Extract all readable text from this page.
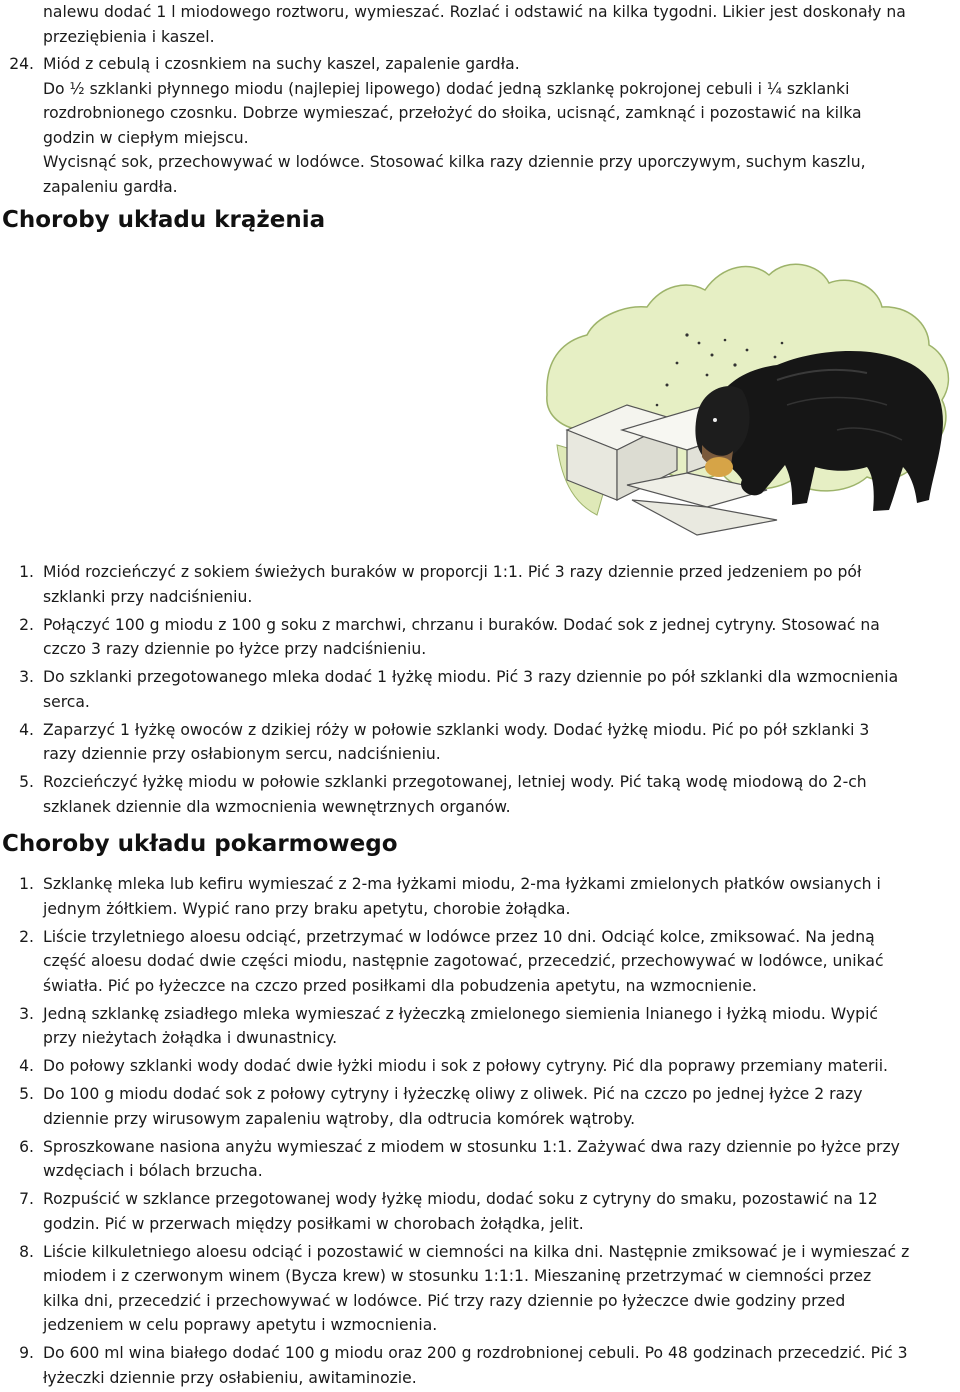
nalewu dodać 1 l miodowego roztworu, wymieszać. Rozlać i odstawić na kilka tygodni. Likier jest doskonały na
przeziębienia i kaszel.
24. Miód z cebulą i czosnkiem na suchy kaszel, zapalenie gardła.
Do ½ szklanki płynnego miodu (najlepiej lipowego) dodać jedną szklankę pokrojonej cebuli i ¼ szklanki
rozdrobnionego czosnku. Dobrze wymieszać, przełożyć do słoika, ucisnąć, zamknąć i pozostawić na kilka
godzin w ciepłym miejscu.
Wycisnąć sok, przechowywać w lodówce. Stosować kilka razy dziennie przy uporczywym, suchym kaszlu,
zapaleniu gardła.
Choroby układu krążenia
1. Miód rozcieńczyć z sokiem świeżych buraków w proporcji 1:1. Pić 3 razy dziennie przed jedzeniem po pół
szklanki przy nadciśnieniu.
2. Połączyć 100 g miodu z 100 g soku z marchwi, chrzanu i buraków. Dodać sok z jednej cytryny. Stosować na
czczo 3 razy dziennie po łyżce przy nadciśnieniu.
3. Do szklanki przegotowanego mleka dodać 1 łyżkę miodu. Pić 3 razy dziennie po pół szklanki dla wzmocnienia
serca.
4. Zaparzyć 1 łyżkę owoców z dzikiej róży w połowie szklanki wody. Dodać łyżkę miodu. Pić po pół szklanki 3
razy dziennie przy osłabionym sercu, nadciśnieniu.
5. Rozcieńczyć łyżkę miodu w połowie szklanki przegotowanej, letniej wody. Pić taką wodę miodową do 2-ch
szklanek dziennie dla wzmocnienia wewnętrznych organów.
Choroby układu pokarmowego
1. Szklankę mleka lub kefiru wymieszać z 2-ma łyżkami miodu, 2-ma łyżkami zmielonych płatków owsianych i
jednym żółtkiem. Wypić rano przy braku apetytu, chorobie żołądka.
2. Liście trzyletniego aloesu odciąć, przetrzymać w lodówce przez 10 dni. Odciąć kolce, zmiksować. Na jedną
część aloesu dodać dwie części miodu, następnie zagotować, przecedzić, przechowywać w lodówce, unikać
światła. Pić po łyżeczce na czczo przed posiłkami dla pobudzenia apetytu, na wzmocnienie.
3. Jedną szklankę zsiadłego mleka wymieszać z łyżeczką zmielonego siemienia lnianego i łyżką miodu. Wypić
przy nieżytach żołądka i dwunastnicy.
4. Do połowy szklanki wody dodać dwie łyżki miodu i sok z połowy cytryny. Pić dla poprawy przemiany materii.
5. Do 100 g miodu dodać sok z połowy cytryny i łyżeczkę oliwy z oliwek. Pić na czczo po jednej łyżce 2 razy
dziennie przy wirusowym zapaleniu wątroby, dla odtrucia komórek wątroby.
6. Sproszkowane nasiona anyżu wymieszać z miodem w stosunku 1:1. Zażywać dwa razy dziennie po łyżce przy
wzdęciach i bólach brzucha.
7. Rozpuścić w szklance przegotowanej wody łyżkę miodu, dodać soku z cytryny do smaku, pozostawić na 12
godzin. Pić w przerwach między posiłkami w chorobach żołądka, jelit.
8. Liście kilkuletniego aloesu odciąć i pozostawić w ciemności na kilka dni. Następnie zmiksować je i wymieszać z
miodem i z czerwonym winem (Bycza krew) w stosunku 1:1:1. Mieszaninę przetrzymać w ciemności przez
kilka dni, przecedzić i przechowywać w lodówce. Pić trzy razy dziennie po łyżeczce dwie godziny przed
jedzeniem w celu poprawy apetytu i wzmocnienia.
9. Do 600 ml wina białego dodać 100 g miodu oraz 200 g rozdrobnionej cebuli. Po 48 godzinach przecedzić. Pić 3
łyżeczki dziennie przy osłabieniu, awitaminozie.
